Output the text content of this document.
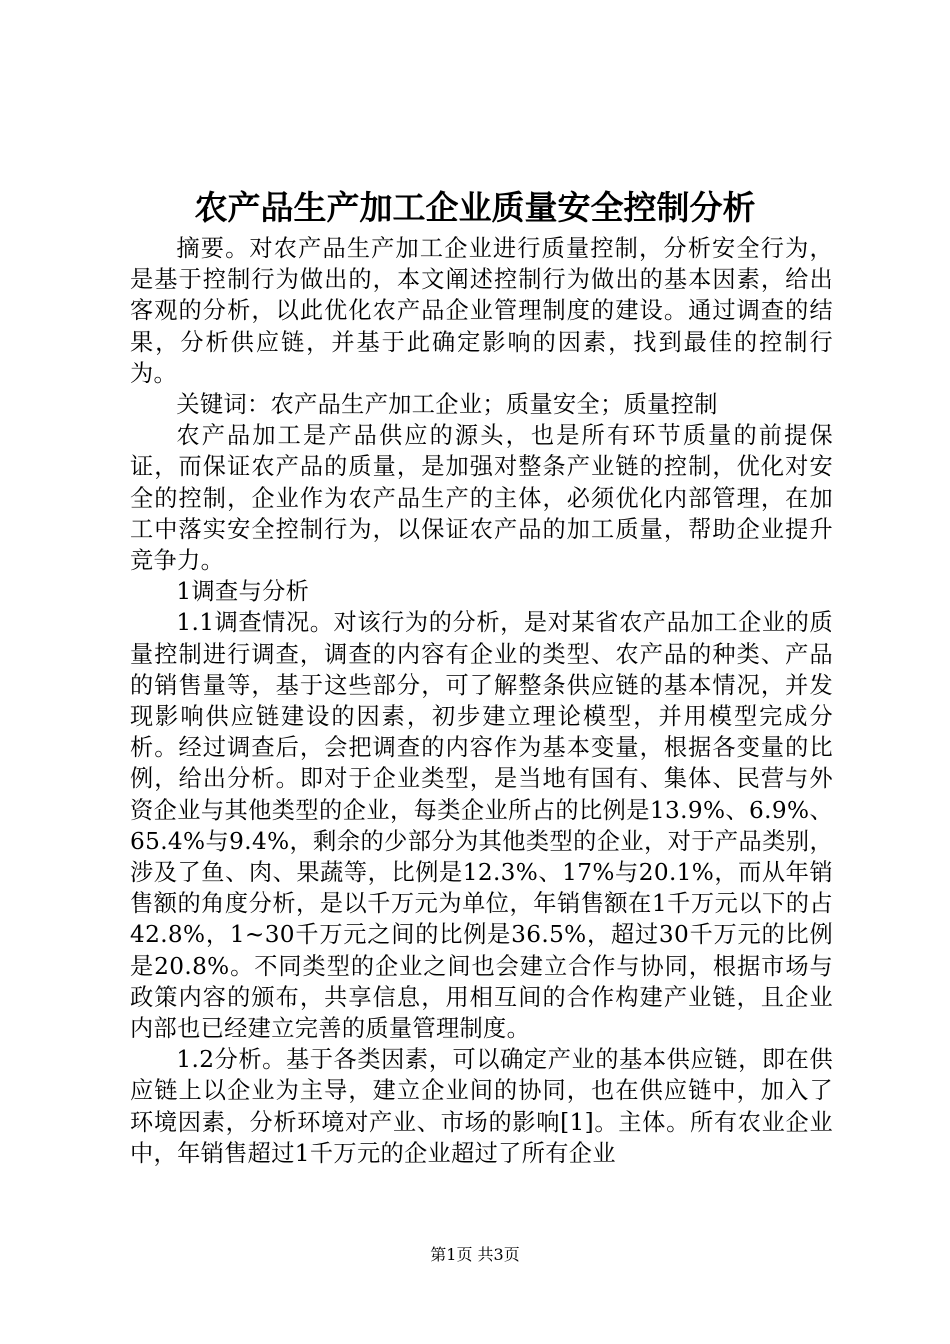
农产品生产加工企业质量安全控制分析

摘要。对农产品生产加工企业进行质量控制，分析安全行为，是基于控制行为做出的，本文阐述控制行为做出的基本因素，给出客观的分析，以此优化农产品企业管理制度的建设。通过调查的结果，分析供应链，并基于此确定影响的因素，找到最佳的控制行为。

关键词：农产品生产加工企业；质量安全；质量控制

农产品加工是产品供应的源头，也是所有环节质量的前提保证，而保证农产品的质量，是加强对整条产业链的控制，优化对安全的控制，企业作为农产品生产的主体，必须优化内部管理，在加工中落实安全控制行为，以保证农产品的加工质量，帮助企业提升竞争力。

1调查与分析

1.1调查情况。对该行为的分析，是对某省农产品加工企业的质量控制进行调查，调查的内容有企业的类型、农产品的种类、产品的销售量等，基于这些部分，可了解整条供应链的基本情况，并发现影响供应链建设的因素，初步建立理论模型，并用模型完成分析。经过调查后，会把调查的内容作为基本变量，根据各变量的比例，给出分析。即对于企业类型，是当地有国有、集体、民营与外资企业与其他类型的企业，每类企业所占的比例是13.9%、6.9%、65.4%与9.4%，剩余的少部分为其他类型的企业，对于产品类别，涉及了鱼、肉、果蔬等，比例是12.3%、17%与20.1%，而从年销售额的角度分析，是以千万元为单位，年销售额在1千万元以下的占42.8%，1~30千万元之间的比例是36.5%，超过30千万元的比例是20.8%。不同类型的企业之间也会建立合作与协同，根据市场与政策内容的颁布，共享信息，用相互间的合作构建产业链，且企业内部也已经建立完善的质量管理制度。

1.2分析。基于各类因素，可以确定产业的基本供应链，即在供应链上以企业为主导，建立企业间的协同，也在供应链中，加入了环境因素，分析环境对产业、市场的影响[1]。主体。所有农业企业中，年销售超过1千万元的企业超过了所有企业

第1页 共3页
